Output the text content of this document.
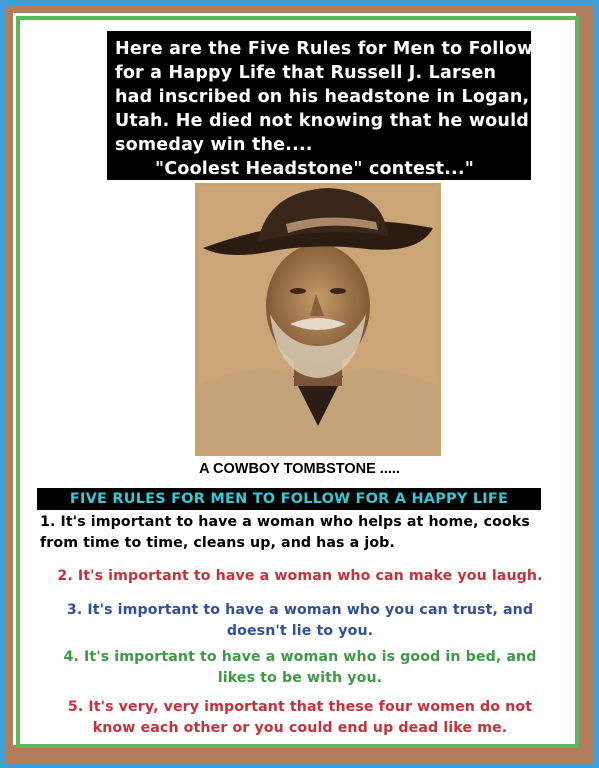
Here are the Five Rules for Men to Follow
for a Happy Life that Russell J. Larsen
had inscribed on his headstone in Logan,
Utah. He died not knowing that he would
someday win the....
"Coolest Headstone" contest..."
A COWBOY TOMBSTONE .....
FIVE RULES FOR MEN TO FOLLOW FOR A HAPPY LIFE
1. It's important to have a woman who helps at home, cooks
from time to time, cleans up, and has a job.
2. It's important to have a woman who can make you laugh.
3. It's important to have a woman who you can trust, and
doesn't lie to you.
4. It's important to have a woman who is good in bed, and
likes to be with you.
5. It's very, very important that these four women do not
know each other or you could end up dead like me.
